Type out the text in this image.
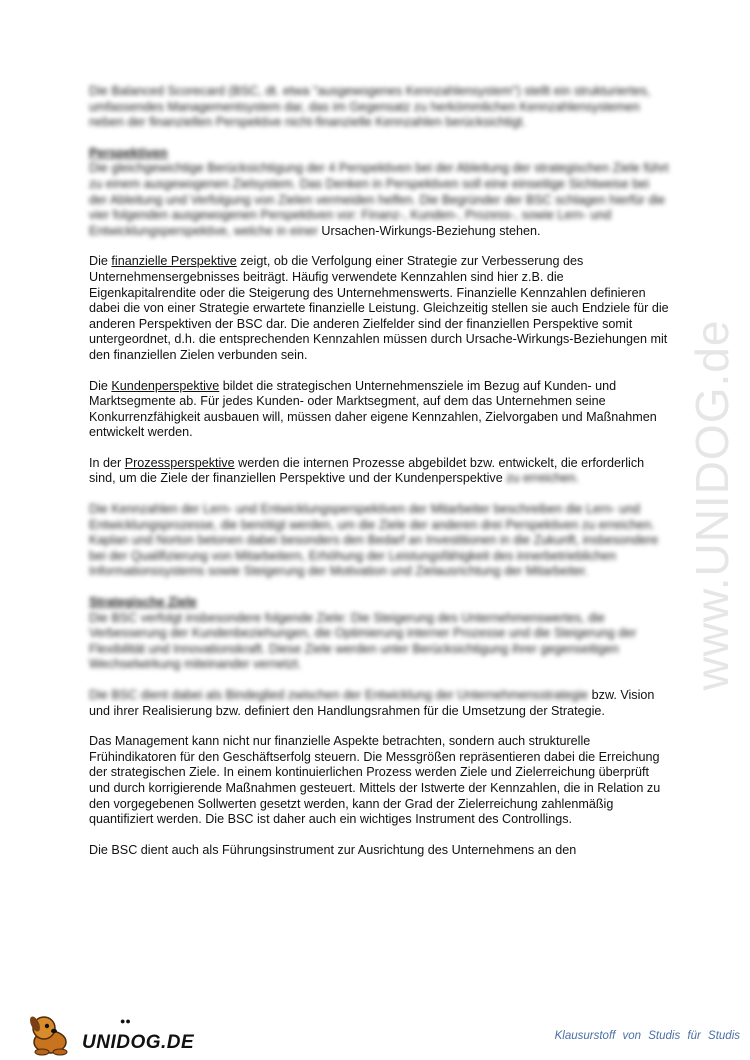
www.UNIDOG.de

Die Balanced Scorecard (BSC, dt. etwa "ausgewogenes Kennzahlensystem") stellt ein strukturiertes, umfassendes Managementsystem dar, das im Gegensatz zu herkömmlichen Kennzahlensystemen neben der finanziellen Perspektive nicht-finanzielle Kennzahlen berücksichtigt.

Perspektiven
Die gleichgewichtige Berücksichtigung der 4 Perspektiven bei der Ableitung der strategischen Ziele führt zu einem ausgewogenen Zielsystem. Das Denken in Perspektiven soll eine einseitige Sichtweise bei der Ableitung und Verfolgung von Zielen vermeiden helfen. Die Begründer der BSC schlagen hierfür die vier folgenden ausgewogenen Perspektiven vor: Finanz-, Kunden-, Prozess-, sowie Lern- und Entwicklungsperspektive, welche in einer Ursachen-Wirkungs-Beziehung stehen.

Die finanzielle Perspektive zeigt, ob die Verfolgung einer Strategie zur Verbesserung des Unternehmensergebnisses beiträgt. Häufig verwendete Kennzahlen sind hier z.B. die Eigenkapitalrendite oder die Steigerung des Unternehmenswerts. Finanzielle Kennzahlen definieren dabei die von einer Strategie erwartete finanzielle Leistung. Gleichzeitig stellen sie auch Endziele für die anderen Perspektiven der BSC dar. Die anderen Zielfelder sind der finanziellen Perspektive somit untergeordnet, d.h. die entsprechenden Kennzahlen müssen durch Ursache-Wirkungs-Beziehungen mit den finanziellen Zielen verbunden sein.

Die Kundenperspektive bildet die strategischen Unternehmensziele im Bezug auf Kunden- und Marktsegmente ab. Für jedes Kunden- oder Marktsegment, auf dem das Unternehmen seine Konkurrenzfähigkeit ausbauen will, müssen daher eigene Kennzahlen, Zielvorgaben und Maßnahmen entwickelt werden.

In der Prozessperspektive werden die internen Prozesse abgebildet bzw. entwickelt, die erforderlich sind, um die Ziele der finanziellen Perspektive und der Kundenperspektive zu erreichen.

Die Kennzahlen der Lern- und Entwicklungsperspektiven der Mitarbeiter beschreiben die Lern- und Entwicklungsprozesse, die benötigt werden, um die Ziele der anderen drei Perspektiven zu erreichen. Kaplan und Norton betonen dabei besonders den Bedarf an Investitionen in die Zukunft, insbesondere bei der Qualifizierung von Mitarbeitern, Erhöhung der Leistungsfähigkeit des innerbetrieblichen Informationssystems sowie Steigerung der Motivation und Zielausrichtung der Mitarbeiter.

Strategische Ziele
Die BSC verfolgt insbesondere folgende Ziele: Die Steigerung des Unternehmenswertes, die Verbesserung der Kundenbeziehungen, die Optimierung interner Prozesse und die Steigerung der Flexibilität und Innovationskraft. Diese Ziele werden unter Berücksichtigung ihrer gegenseitigen Wechselwirkung miteinander vernetzt.
Die BSC dient dabei als Bindeglied zwischen der Entwicklung der Unternehmensstrategie bzw. Vision und ihrer Realisierung bzw. definiert den Handlungsrahmen für die Umsetzung der Strategie.

Das Management kann nicht nur finanzielle Aspekte betrachten, sondern auch strukturelle Frühindikatoren für den Geschäftserfolg steuern. Die Messgrößen repräsentieren dabei die Erreichung der strategischen Ziele. In einem kontinuierlichen Prozess werden Ziele und Zielerreichung überprüft und durch korrigierende Maßnahmen gesteuert. Mittels der Istwerte der Kennzahlen, die in Relation zu den vorgegebenen Sollwerten gesetzt werden, kann der Grad der Zielerreichung zahlenmäßig quantifiziert werden. Die BSC ist daher auch ein wichtiges Instrument des Controllings.

Die BSC dient auch als Führungsinstrument zur Ausrichtung des Unternehmens an den

●●
UNIDOG.DE	Klausurstoff von Studis für Studis
